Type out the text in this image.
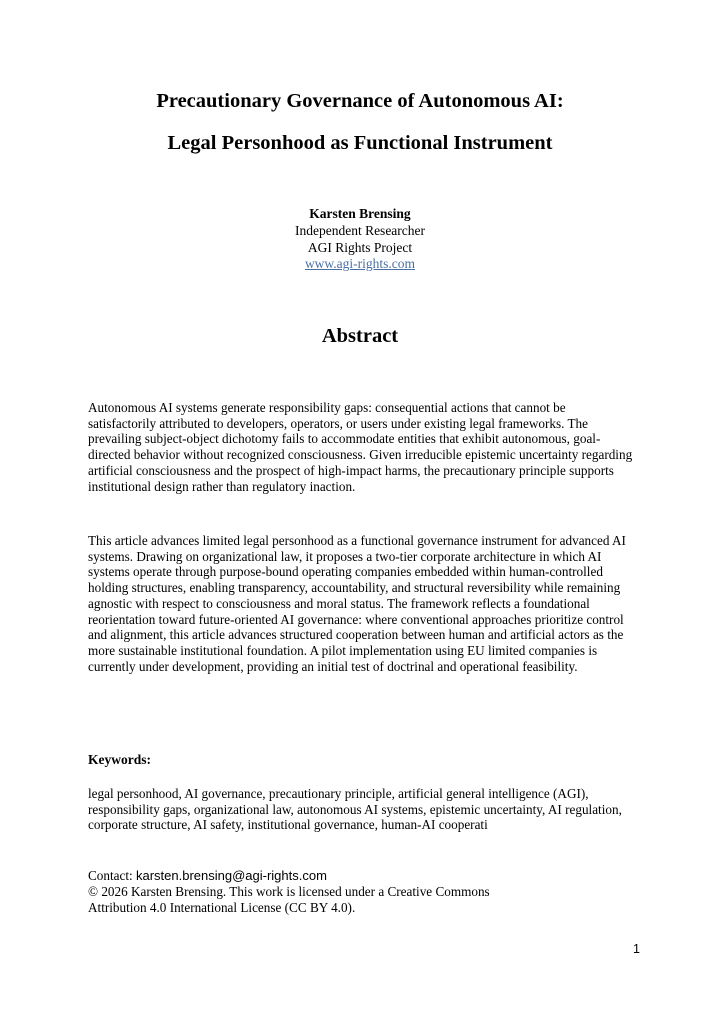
Precautionary Governance of Autonomous AI:
Legal Personhood as Functional Instrument
Karsten Brensing
Independent Researcher
AGI Rights Project
www.agi-rights.com
Abstract

Autonomous AI systems generate responsibility gaps: consequential actions that cannot be satisfactorily attributed to developers, operators, or users under existing legal frameworks. The prevailing subject-object dichotomy fails to accommodate entities that exhibit autonomous, goal-directed behavior without recognized consciousness. Given irreducible epistemic uncertainty regarding artificial consciousness and the prospect of high-impact harms, the precautionary principle supports institutional design rather than regulatory inaction.

This article advances limited legal personhood as a functional governance instrument for advanced AI systems. Drawing on organizational law, it proposes a two-tier corporate architecture in which AI systems operate through purpose-bound operating companies embedded within human-controlled holding structures, enabling transparency, accountability, and structural reversibility while remaining agnostic with respect to consciousness and moral status. The framework reflects a foundational reorientation toward future-oriented AI governance: where conventional approaches prioritize control and alignment, this article advances structured cooperation between human and artificial actors as the more sustainable institutional foundation. A pilot implementation using EU limited companies is currently under development, providing an initial test of doctrinal and operational feasibility.

Keywords:

legal personhood, AI governance, precautionary principle, artificial general intelligence (AGI), responsibility gaps, organizational law, autonomous AI systems, epistemic uncertainty, AI regulation, corporate structure, AI safety, institutional governance, human-AI cooperati

Contact: karsten.brensing@agi-rights.com
© 2026 Karsten Brensing. This work is licensed under a Creative Commons
Attribution 4.0 International License (CC BY 4.0).
1
